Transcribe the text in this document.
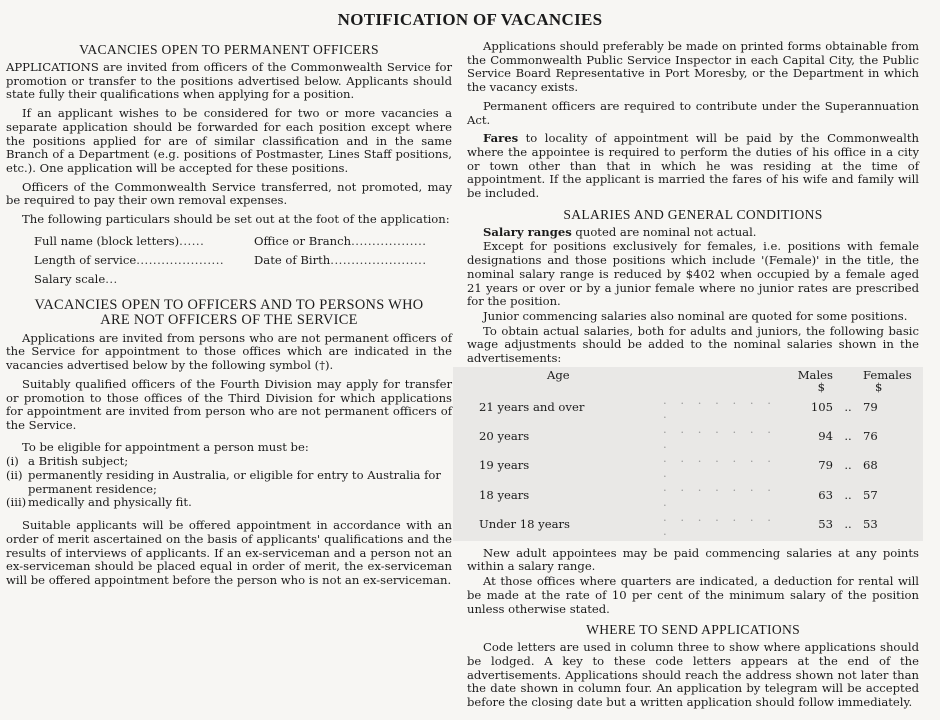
NOTIFICATION OF VACANCIES
VACANCIES OPEN TO PERMANENT OFFICERS

APPLICATIONS are invited from officers of the Commonwealth Service for promotion or transfer to the positions advertised below. Applicants should state fully their qualifications when applying for a position.

If an applicant wishes to be considered for two or more vacancies a separate application should be forwarded for each position except where the positions applied for are of similar classification and in the same Branch of a Department (e.g. positions of Postmaster, Lines Staff positions, etc.). One application will be accepted for these positions.

Officers of the Commonwealth Service transferred, not promoted, may be required to pay their own removal expenses.

The following particulars should be set out at the foot of the application:

Full name (block letters)......	Office or Branch..................
Length of service.....................	Date of Birth.......................
Salary scale...
VACANCIES OPEN TO OFFICERS AND TO PERSONS WHO
ARE NOT OFFICERS OF THE SERVICE

Applications are invited from persons who are not permanent officers of the Service for appointment to those offices which are indicated in the vacancies advertised below by the following symbol (†).

Suitably qualified officers of the Fourth Division may apply for transfer or promotion to those offices of the Third Division for which applications for appointment are invited from person who are not permanent officers of the Service.

To be eligible for appointment a person must be:

(i) a British subject;
(ii) permanently residing in Australia, or eligible for entry to Australia for permanent residence;
(iii) medically and physically fit.

Suitable applicants will be offered appointment in accordance with an order of merit ascertained on the basis of applicants' qualifications and the results of interviews of applicants. If an ex-serviceman and a person not an ex-serviceman should be placed equal in order of merit, the ex-serviceman will be offered appointment before the person who is not an ex-serviceman.

Applications should preferably be made on printed forms obtainable from the Commonwealth Public Service Inspector in each Capital City, the Public Service Board Representative in Port Moresby, or the Department in which the vacancy exists.

Permanent officers are required to contribute under the Superannuation Act.

Fares to locality of appointment will be paid by the Commonwealth where the appointee is required to perform the duties of his office in a city or town other than that in which he was residing at the time of appointment. If the applicant is married the fares of his wife and family will be included.

SALARIES AND GENERAL CONDITIONS

Salary ranges quoted are nominal not actual.

Except for positions exclusively for females, i.e. positions with female designations and those positions which include '(Female)' in the title, the nominal salary range is reduced by $402 when occupied by a female aged 21 years or over or by a junior female where no junior rates are prescribed for the position.

Junior commencing salaries also nominal are quoted for some positions.

To obtain actual salaries, both for adults and juniors, the following basic wage adjustments should be added to the nominal salaries shown in the advertisements:

Age		Males		Females
		$		$
21 years and over	. . . . . . . .	105	..	79
20 years	. . . . . . . .	94	..	76
19 years	. . . . . . . .	79	..	68
18 years	. . . . . . . .	63	..	57
Under 18 years	. . . . . . . .	53	..	53

New adult appointees may be paid commencing salaries at any points within a salary range.

At those offices where quarters are indicated, a deduction for rental will be made at the rate of 10 per cent of the minimum salary of the position unless otherwise stated.

WHERE TO SEND APPLICATIONS

Code letters are used in column three to show where applications should be lodged. A key to these code letters appears at the end of the advertisements. Applications should reach the address shown not later than the date shown in column four. An application by telegram will be accepted before the closing date but a written application should follow immediately.
